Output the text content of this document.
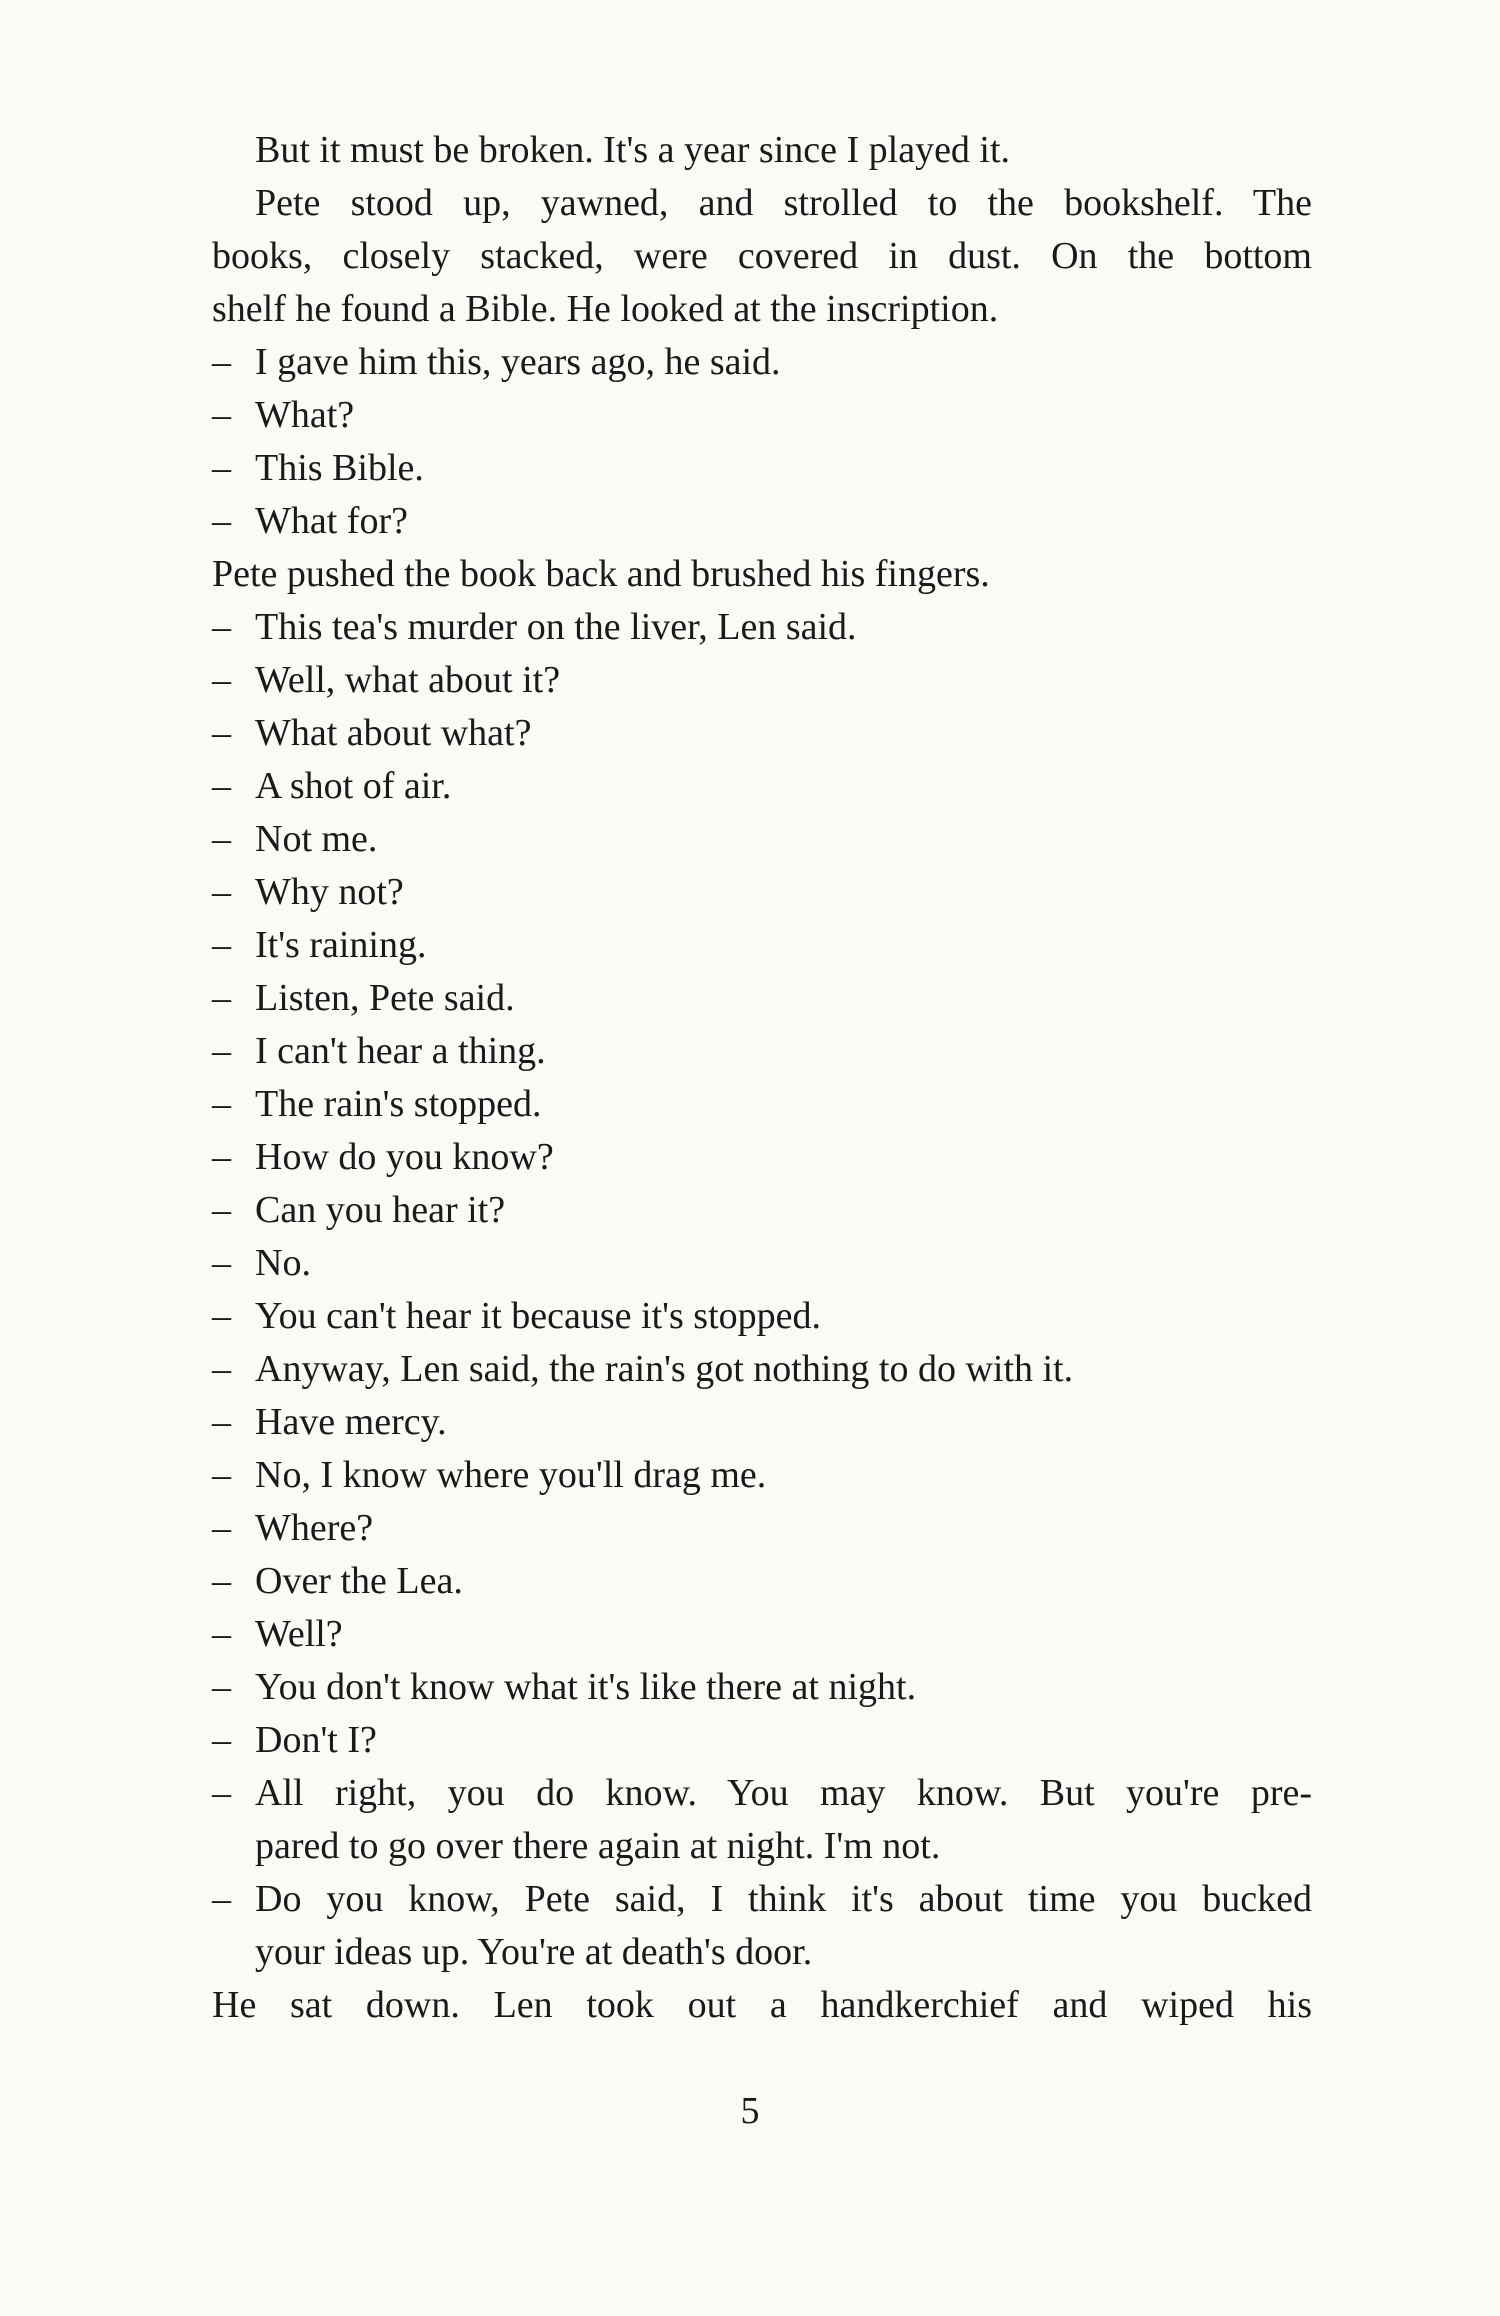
But it must be broken. It's a year since I played it.
Pete stood up, yawned, and strolled to the bookshelf. The
books, closely stacked, were covered in dust. On the bottom
shelf he found a Bible. He looked at the inscription.
– I gave him this, years ago, he said.
– What?
– This Bible.
– What for?
Pete pushed the book back and brushed his fingers.
– This tea's murder on the liver, Len said.
– Well, what about it?
– What about what?
– A shot of air.
– Not me.
– Why not?
– It's raining.
– Listen, Pete said.
– I can't hear a thing.
– The rain's stopped.
– How do you know?
– Can you hear it?
– No.
– You can't hear it because it's stopped.
– Anyway, Len said, the rain's got nothing to do with it.
– Have mercy.
– No, I know where you'll drag me.
– Where?
– Over the Lea.
– Well?
– You don't know what it's like there at night.
– Don't I?
– All right, you do know. You may know. But you're pre-
pared to go over there again at night. I'm not.
– Do you know, Pete said, I think it's about time you bucked
your ideas up. You're at death's door.
He sat down. Len took out a handkerchief and wiped his
5
